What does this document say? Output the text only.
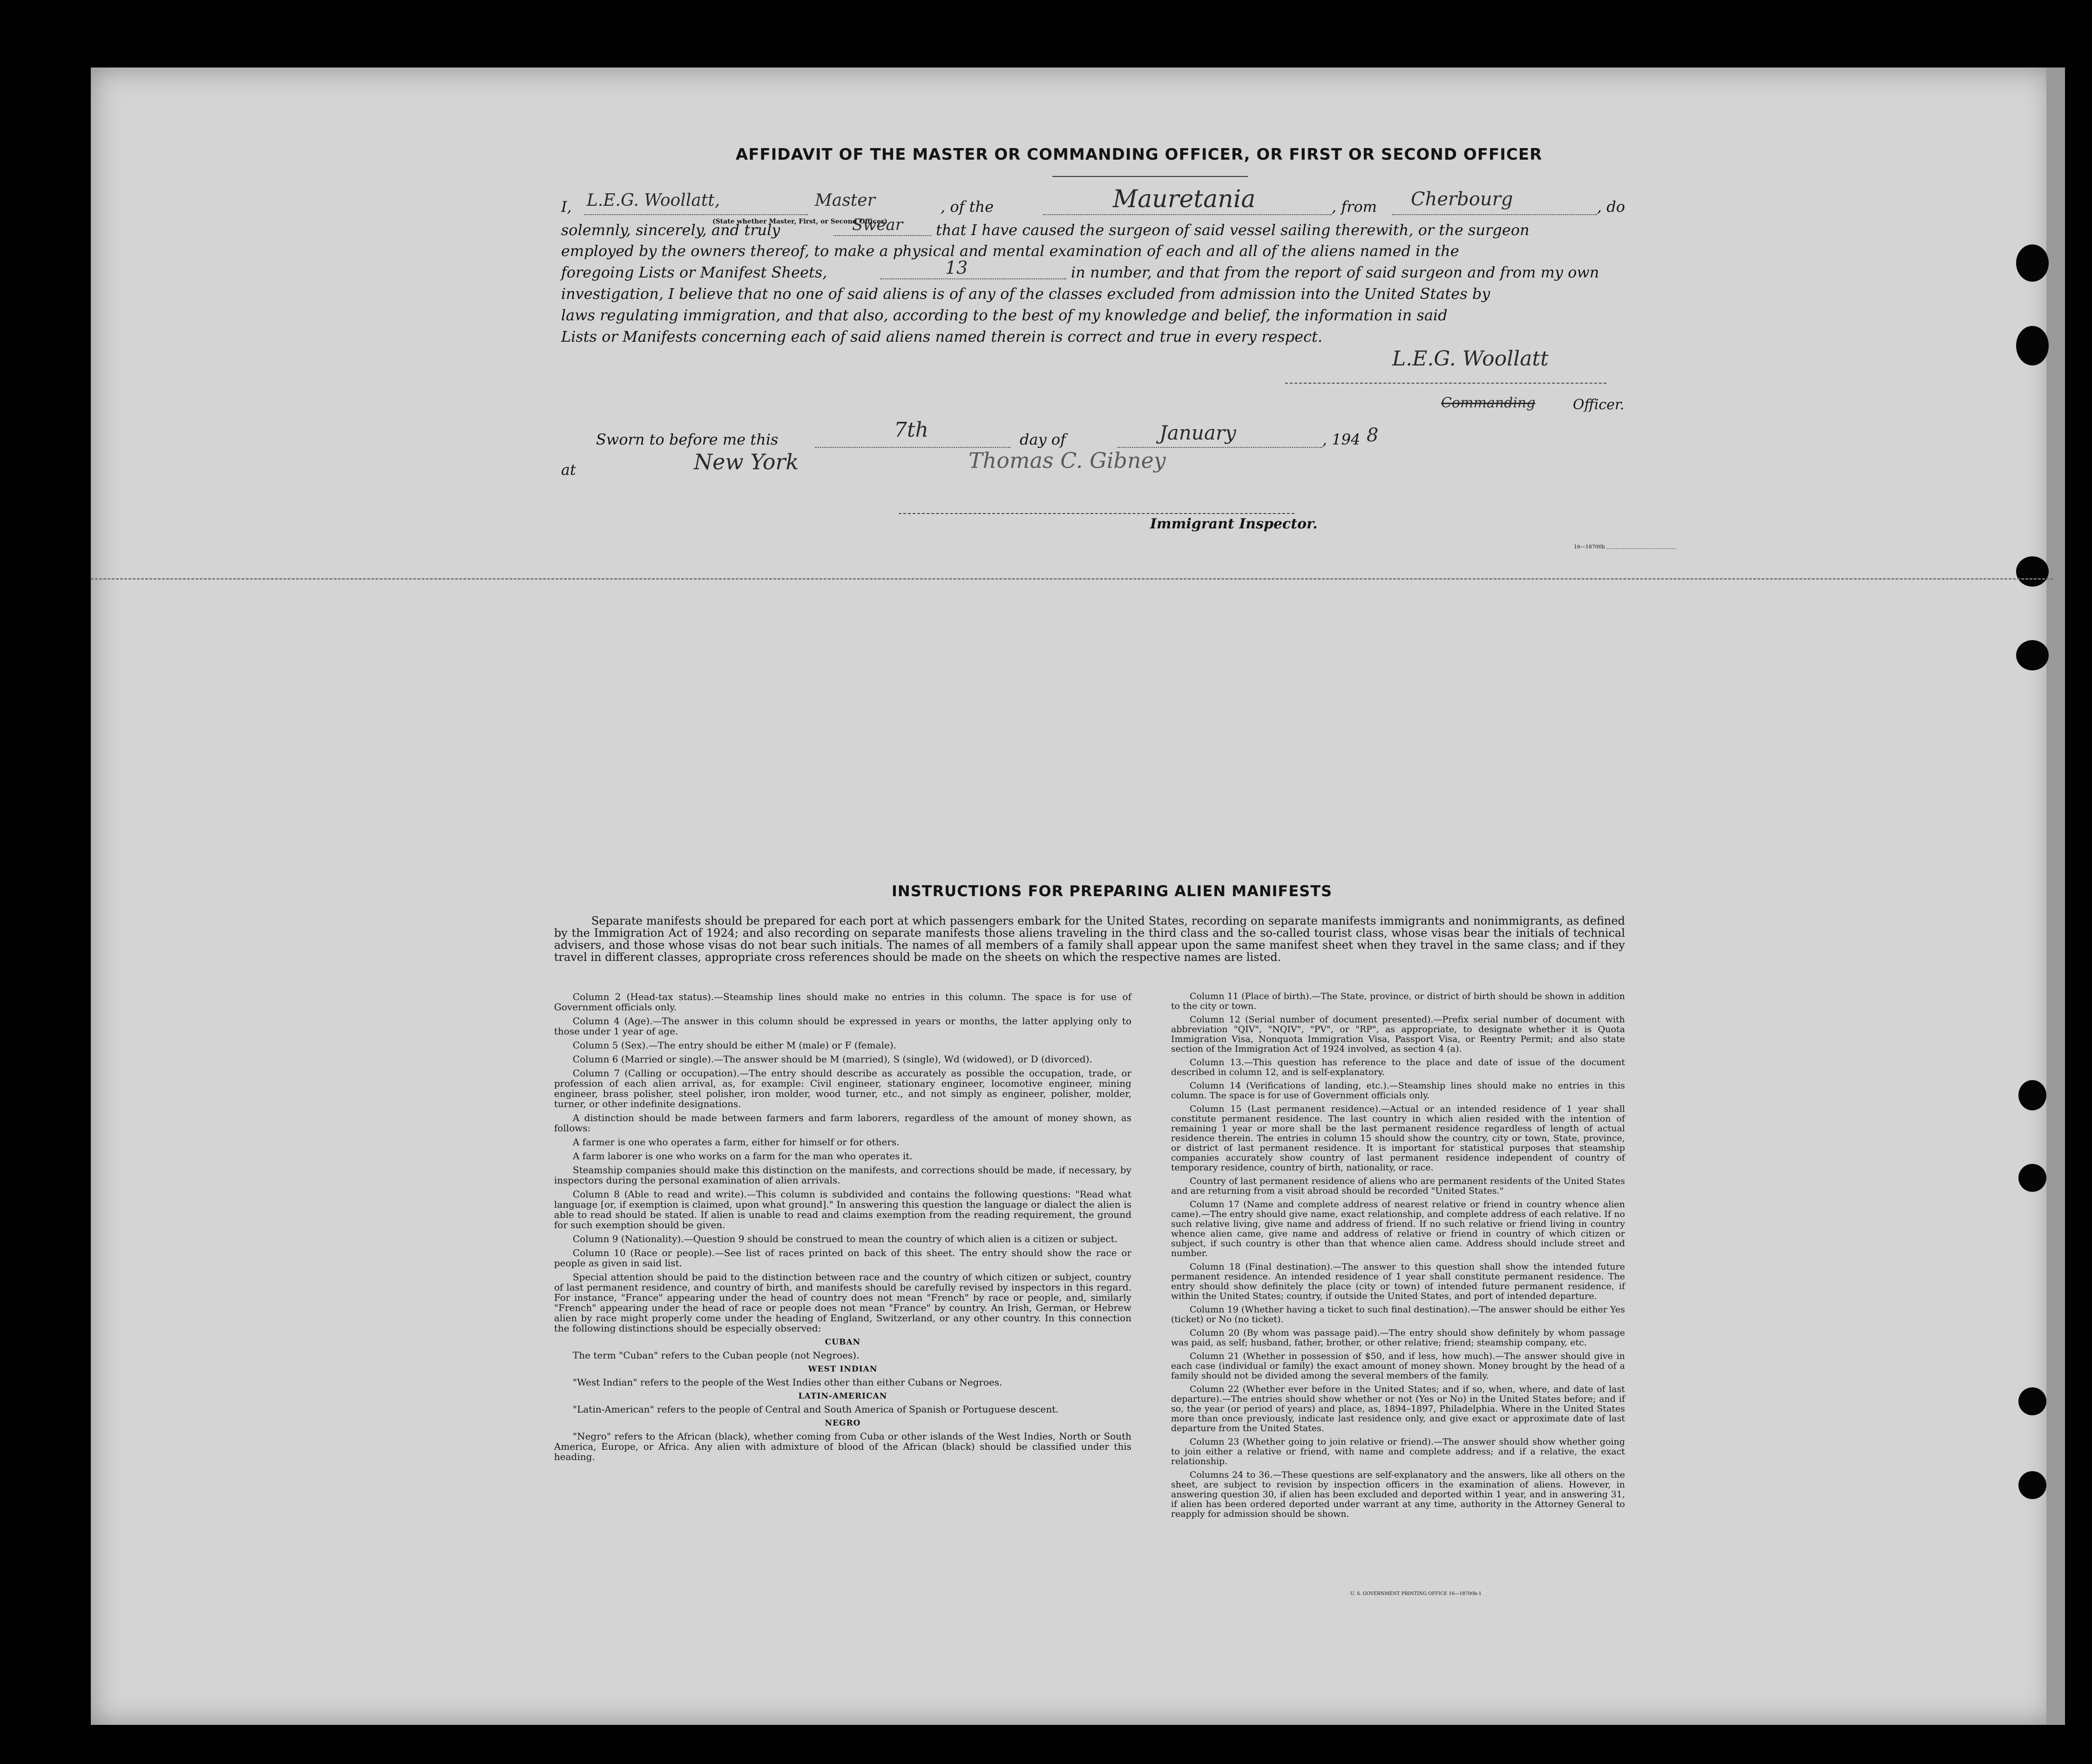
AFFIDAVIT OF THE MASTER OR COMMANDING OFFICER, OR FIRST OR SECOND OFFICER
I, L.E.G. Woollatt,	Master
(State whether Master, First, or Second Officer)
, of the	Mauretania	, from Cherbourg	, do
solemnly, sincerely, and truly	Swear that I have caused the surgeon of said vessel sailing therewith, or the surgeon
employed by the owners thereof, to make a physical and mental examination of each and all of the aliens named in the
foregoing Lists or Manifest Sheets,	13	in number, and that from the report of said surgeon and from my own
investigation, I believe that no one of said aliens is of any of the classes excluded from admission into the United States by
laws regulating immigration, and that also, according to the best of my knowledge and belief, the information in said
Lists or Manifests concerning each of said aliens named therein is correct and true in every respect.
L.E.G. Woollatt
Commanding	Officer.
Sworn to before me this	7th	day of	January	, 194 8
at	New York	Thomas C. Gibney
Immigrant Inspector.
16—18700b
INSTRUCTIONS FOR PREPARING ALIEN MANIFESTS
Separate manifests should be prepared for each port at which passengers embark for the United States, recording on separate manifests immigrants and nonimmigrants, as defined by the Immigration Act of 1924; and also recording on separate manifests those aliens traveling in the third class and the so-called tourist class, whose visas bear the initials of technical advisers, and those whose visas do not bear such initials. The names of all members of a family shall appear upon the same manifest sheet when they travel in the same class; and if they travel in different classes, appropriate cross references should be made on the sheets on which the respective names are listed.

Column 2 (Head-tax status).—Steamship lines should make no entries in this column. The space is for use of Government officials only.

Column 4 (Age).—The answer in this column should be expressed in years or months, the latter applying only to those under 1 year of age.

Column 5 (Sex).—The entry should be either M (male) or F (female).

Column 6 (Married or single).—The answer should be M (married), S (single), Wd (widowed), or D (divorced).

Column 7 (Calling or occupation).—The entry should describe as accurately as possible the occupation, trade, or profession of each alien arrival, as, for example: Civil engineer, stationary engineer, locomotive engineer, mining engineer, brass polisher, steel polisher, iron molder, wood turner, etc., and not simply as engineer, polisher, molder, turner, or other indefinite designations.

A distinction should be made between farmers and farm laborers, regardless of the amount of money shown, as follows:

A farmer is one who operates a farm, either for himself or for others.

A farm laborer is one who works on a farm for the man who operates it.

Steamship companies should make this distinction on the manifests, and corrections should be made, if necessary, by inspectors during the personal examination of alien arrivals.

Column 8 (Able to read and write).—This column is subdivided and contains the following questions: "Read what language [or, if exemption is claimed, upon what ground]." In answering this question the language or dialect the alien is able to read should be stated. If alien is unable to read and claims exemption from the reading requirement, the ground for such exemption should be given.

Column 9 (Nationality).—Question 9 should be construed to mean the country of which alien is a citizen or subject.

Column 10 (Race or people).—See list of races printed on back of this sheet. The entry should show the race or people as given in said list.

Special attention should be paid to the distinction between race and the country of which citizen or subject, country of last permanent residence, and country of birth, and manifests should be carefully revised by inspectors in this regard. For instance, "France" appearing under the head of country does not mean "French" by race or people, and, similarly "French" appearing under the head of race or people does not mean "France" by country. An Irish, German, or Hebrew alien by race might properly come under the heading of England, Switzerland, or any other country. In this connection the following distinctions should be especially observed:

CUBAN

The term "Cuban" refers to the Cuban people (not Negroes).

WEST INDIAN

"West Indian" refers to the people of the West Indies other than either Cubans or Negroes.

LATIN-AMERICAN

"Latin-American" refers to the people of Central and South America of Spanish or Portuguese descent.

NEGRO

"Negro" refers to the African (black), whether coming from Cuba or other islands of the West Indies, North or South America, Europe, or Africa. Any alien with admixture of blood of the African (black) should be classified under this heading.

Column 11 (Place of birth).—The State, province, or district of birth should be shown in addition to the city or town.

Column 12 (Serial number of document presented).—Prefix serial number of document with abbreviation "QIV", "NQIV", "PV", or "RP", as appropriate, to designate whether it is Quota Immigration Visa, Nonquota Immigration Visa, Passport Visa, or Reentry Permit; and also state section of the Immigration Act of 1924 involved, as section 4 (a).

Column 13.—This question has reference to the place and date of issue of the document described in column 12, and is self-explanatory.

Column 14 (Verifications of landing, etc.).—Steamship lines should make no entries in this column. The space is for use of Government officials only.

Column 15 (Last permanent residence).—Actual or an intended residence of 1 year shall constitute permanent residence. The last country in which alien resided with the intention of remaining 1 year or more shall be the last permanent residence regardless of length of actual residence therein. The entries in column 15 should show the country, city or town, State, province, or district of last permanent residence. It is important for statistical purposes that steamship companies accurately show country of last permanent residence independent of country of temporary residence, country of birth, nationality, or race.

Country of last permanent residence of aliens who are permanent residents of the United States and are returning from a visit abroad should be recorded "United States."

Column 17 (Name and complete address of nearest relative or friend in country whence alien came).—The entry should give name, exact relationship, and complete address of each relative. If no such relative living, give name and address of friend. If no such relative or friend living in country whence alien came, give name and address of relative or friend in country of which citizen or subject, if such country is other than that whence alien came. Address should include street and number.

Column 18 (Final destination).—The answer to this question shall show the intended future permanent residence. An intended residence of 1 year shall constitute permanent residence. The entry should show definitely the place (city or town) of intended future permanent residence, if within the United States; country, if outside the United States, and port of intended departure.

Column 19 (Whether having a ticket to such final destination).—The answer should be either Yes (ticket) or No (no ticket).

Column 20 (By whom was passage paid).—The entry should show definitely by whom passage was paid, as self; husband, father, brother, or other relative; friend; steamship company, etc.

Column 21 (Whether in possession of $50, and if less, how much).—The answer should give in each case (individual or family) the exact amount of money shown. Money brought by the head of a family should not be divided among the several members of the family.

Column 22 (Whether ever before in the United States; and if so, when, where, and date of last departure).—The entries should show whether or not (Yes or No) in the United States before; and if so, the year (or period of years) and place, as, 1894–1897, Philadelphia. Where in the United States more than once previously, indicate last residence only, and give exact or approximate date of last departure from the United States.

Column 23 (Whether going to join relative or friend).—The answer should show whether going to join either a relative or friend, with name and complete address; and if a relative, the exact relationship.

Columns 24 to 36.—These questions are self-explanatory and the answers, like all others on the sheet, are subject to revision by inspection officers in the examination of aliens. However, in answering question 30, if alien has been excluded and deported within 1 year, and in answering 31, if alien has been ordered deported under warrant at any time, authority in the Attorney General to reapply for admission should be shown.

U. S. GOVERNMENT PRINTING OFFICE 16—18700b-1
